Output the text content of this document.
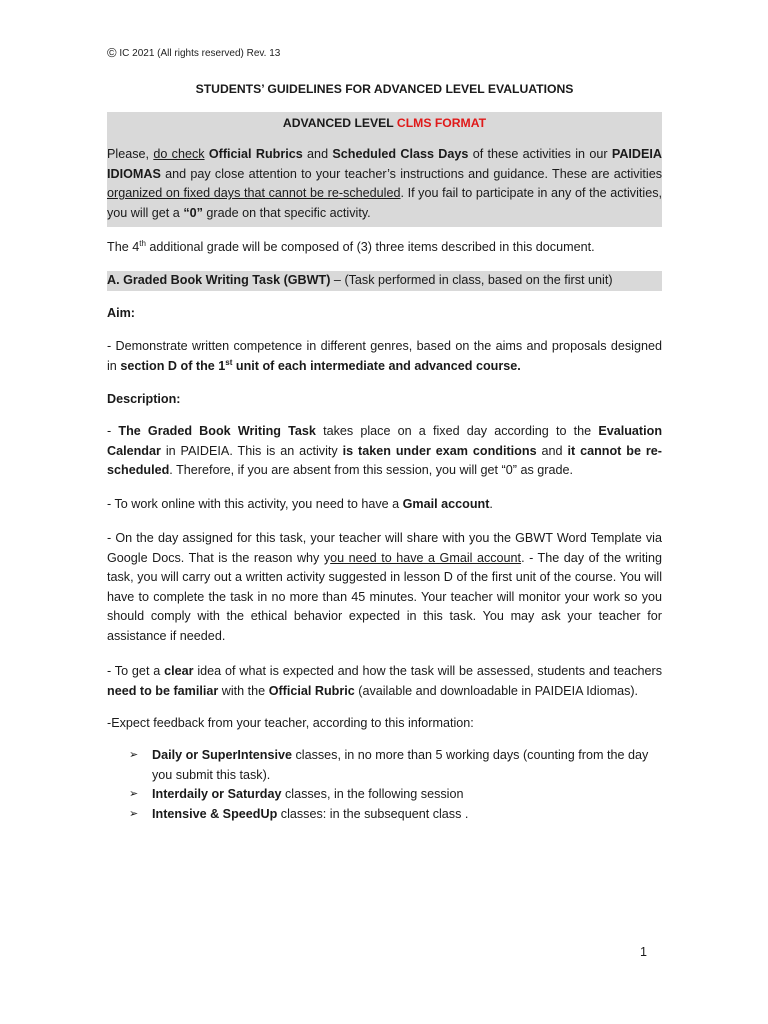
© IC 2021 (All rights reserved) Rev. 13
STUDENTS’ GUIDELINES FOR ADVANCED LEVEL EVALUATIONS
ADVANCED LEVEL CLMS FORMAT
Please, do check Official Rubrics and Scheduled Class Days of these activities in our PAIDEIA IDIOMAS and pay close attention to your teacher’s instructions and guidance. These are activities organized on fixed days that cannot be re-scheduled. If you fail to participate in any of the activities, you will get a “0” grade on that specific activity.
The 4th additional grade will be composed of (3) three items described in this document.
A. Graded Book Writing Task (GBWT) – (Task performed in class, based on the first unit)
Aim:
- Demonstrate written competence in different genres, based on the aims and proposals designed in section D of the 1st unit of each intermediate and advanced course.
Description:
- The Graded Book Writing Task takes place on a fixed day according to the Evaluation Calendar in PAIDEIA. This is an activity is taken under exam conditions and it cannot be re-scheduled. Therefore, if you are absent from this session, you will get “0” as grade.
- To work online with this activity, you need to have a Gmail account.
- On the day assigned for this task, your teacher will share with you the GBWT Word Template via Google Docs. That is the reason why you need to have a Gmail account. - The day of the writing task, you will carry out a written activity suggested in lesson D of the first unit of the course. You will have to complete the task in no more than 45 minutes. Your teacher will monitor your work so you should comply with the ethical behavior expected in this task. You may ask your teacher for assistance if needed.
- To get a clear idea of what is expected and how the task will be assessed, students and teachers need to be familiar with the Official Rubric (available and downloadable in PAIDEIA Idiomas).
-Expect feedback from your teacher, according to this information:
➢ Daily or SuperIntensive classes, in no more than 5 working days (counting from the day you submit this task).
➢ Interdaily or Saturday classes, in the following session
➢ Intensive & SpeedUp classes: in the subsequent class .
1
